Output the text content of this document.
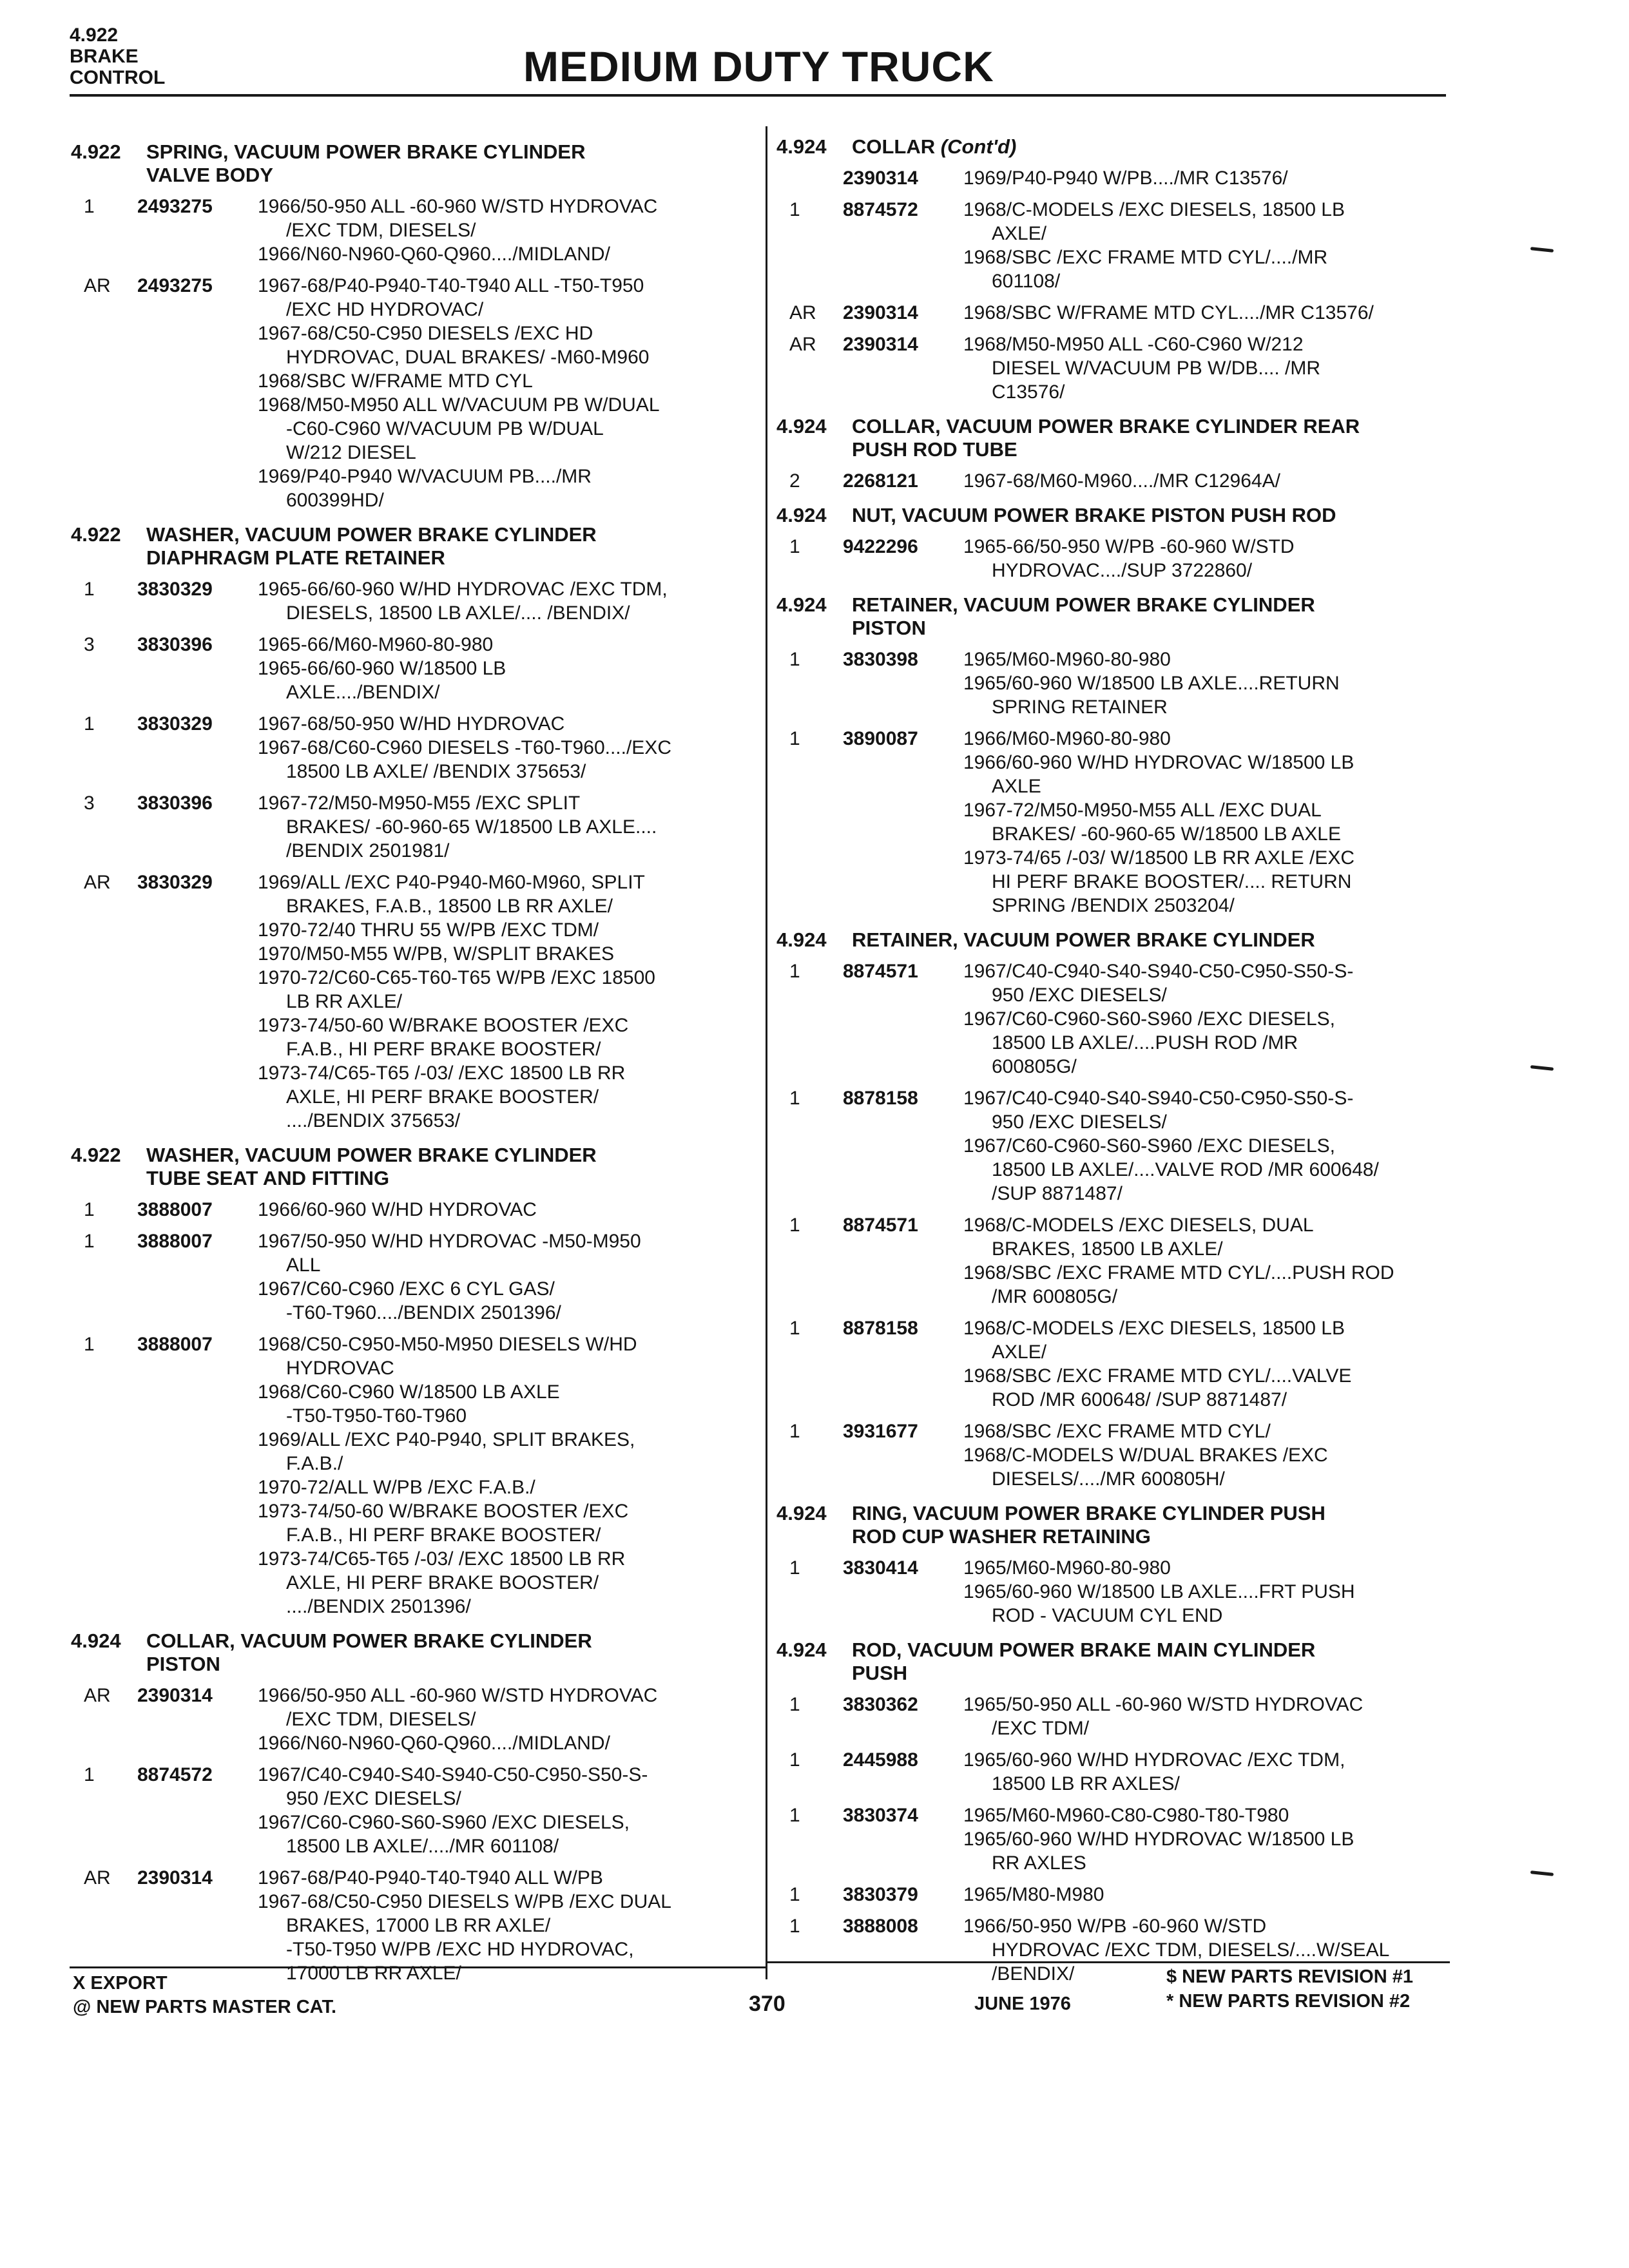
4.922
BRAKE
CONTROL	MEDIUM DUTY TRUCK
4.922 SPRING, VACUUM POWER BRAKE CYLINDER
VALVE BODY
1	2493275 1966/50-950 ALL -60-960 W/STD HYDROVAC
/EXC TDM, DIESELS/
1966/N60-N960-Q60-Q960..../MIDLAND/
AR	2493275 1967-68/P40-P940-T40-T940 ALL -T50-T950
/EXC HD HYDROVAC/
1967-68/C50-C950 DIESELS /EXC HD
HYDROVAC, DUAL BRAKES/ -M60-M960
1968/SBC W/FRAME MTD CYL
1968/M50-M950 ALL W/VACUUM PB W/DUAL
-C60-C960 W/VACUUM PB W/DUAL
W/212 DIESEL
1969/P40-P940 W/VACUUM PB..../MR
600399HD/
4.922 WASHER, VACUUM POWER BRAKE CYLINDER
DIAPHRAGM PLATE RETAINER
1	3830329 1965-66/60-960 W/HD HYDROVAC /EXC TDM,
DIESELS, 18500 LB AXLE/.... /BENDIX/
3	3830396 1965-66/M60-M960-80-980
1965-66/60-960 W/18500 LB
AXLE..../BENDIX/
1	3830329 1967-68/50-950 W/HD HYDROVAC
1967-68/C60-C960 DIESELS -T60-T960..../EXC
18500 LB AXLE/ /BENDIX 375653/
3	3830396 1967-72/M50-M950-M55 /EXC SPLIT
BRAKES/ -60-960-65 W/18500 LB AXLE....
/BENDIX 2501981/
AR	3830329 1969/ALL /EXC P40-P940-M60-M960, SPLIT
BRAKES, F.A.B., 18500 LB RR AXLE/
1970-72/40 THRU 55 W/PB /EXC TDM/
1970/M50-M55 W/PB, W/SPLIT BRAKES
1970-72/C60-C65-T60-T65 W/PB /EXC 18500
LB RR AXLE/
1973-74/50-60 W/BRAKE BOOSTER /EXC
F.A.B., HI PERF BRAKE BOOSTER/
1973-74/C65-T65 /-03/ /EXC 18500 LB RR
AXLE, HI PERF BRAKE BOOSTER/
..../BENDIX 375653/
4.922 WASHER, VACUUM POWER BRAKE CYLINDER
TUBE SEAT AND FITTING
1	3888007 1966/60-960 W/HD HYDROVAC
1	3888007 1967/50-950 W/HD HYDROVAC -M50-M950
ALL
1967/C60-C960 /EXC 6 CYL GAS/
-T60-T960..../BENDIX 2501396/
1	3888007 1968/C50-C950-M50-M950 DIESELS W/HD
HYDROVAC
1968/C60-C960 W/18500 LB AXLE
-T50-T950-T60-T960
1969/ALL /EXC P40-P940, SPLIT BRAKES,
F.A.B./
1970-72/ALL W/PB /EXC F.A.B./
1973-74/50-60 W/BRAKE BOOSTER /EXC
F.A.B., HI PERF BRAKE BOOSTER/
1973-74/C65-T65 /-03/ /EXC 18500 LB RR
AXLE, HI PERF BRAKE BOOSTER/
..../BENDIX 2501396/
4.924 COLLAR, VACUUM POWER BRAKE CYLINDER
PISTON
AR	2390314 1966/50-950 ALL -60-960 W/STD HYDROVAC
/EXC TDM, DIESELS/
1966/N60-N960-Q60-Q960..../MIDLAND/
1	8874572 1967/C40-C940-S40-S940-C50-C950-S50-S-
950 /EXC DIESELS/
1967/C60-C960-S60-S960 /EXC DIESELS,
18500 LB AXLE/..../MR 601108/
AR	2390314 1967-68/P40-P940-T40-T940 ALL W/PB
1967-68/C50-C950 DIESELS W/PB /EXC DUAL
BRAKES, 17000 LB RR AXLE/
-T50-T950 W/PB /EXC HD HYDROVAC,
17000 LB RR AXLE/
4.924 COLLAR (Cont'd)
2390314 1969/P40-P940 W/PB..../MR C13576/
1	8874572 1968/C-MODELS /EXC DIESELS, 18500 LB
AXLE/
1968/SBC /EXC FRAME MTD CYL/..../MR
601108/
AR	2390314 1968/SBC W/FRAME MTD CYL..../MR C13576/
AR	2390314 1968/M50-M950 ALL -C60-C960 W/212
DIESEL W/VACUUM PB W/DB.... /MR
C13576/
4.924 COLLAR, VACUUM POWER BRAKE CYLINDER REAR
PUSH ROD TUBE
2	2268121 1967-68/M60-M960..../MR C12964A/
4.924 NUT, VACUUM POWER BRAKE PISTON PUSH ROD
1	9422296 1965-66/50-950 W/PB -60-960 W/STD
HYDROVAC..../SUP 3722860/
4.924 RETAINER, VACUUM POWER BRAKE CYLINDER
PISTON
1	3830398 1965/M60-M960-80-980
1965/60-960 W/18500 LB AXLE....RETURN
SPRING RETAINER
1	3890087 1966/M60-M960-80-980
1966/60-960 W/HD HYDROVAC W/18500 LB
AXLE
1967-72/M50-M950-M55 ALL /EXC DUAL
BRAKES/ -60-960-65 W/18500 LB AXLE
1973-74/65 /-03/ W/18500 LB RR AXLE /EXC
HI PERF BRAKE BOOSTER/.... RETURN
SPRING /BENDIX 2503204/
4.924 RETAINER, VACUUM POWER BRAKE CYLINDER
1	8874571 1967/C40-C940-S40-S940-C50-C950-S50-S-
950 /EXC DIESELS/
1967/C60-C960-S60-S960 /EXC DIESELS,
18500 LB AXLE/....PUSH ROD /MR
600805G/
1	8878158 1967/C40-C940-S40-S940-C50-C950-S50-S-
950 /EXC DIESELS/
1967/C60-C960-S60-S960 /EXC DIESELS,
18500 LB AXLE/....VALVE ROD /MR 600648/
/SUP 8871487/
1	8874571 1968/C-MODELS /EXC DIESELS, DUAL
BRAKES, 18500 LB AXLE/
1968/SBC /EXC FRAME MTD CYL/....PUSH ROD
/MR 600805G/
1	8878158 1968/C-MODELS /EXC DIESELS, 18500 LB
AXLE/
1968/SBC /EXC FRAME MTD CYL/....VALVE
ROD /MR 600648/ /SUP 8871487/
1	3931677 1968/SBC /EXC FRAME MTD CYL/
1968/C-MODELS W/DUAL BRAKES /EXC
DIESELS/..../MR 600805H/
4.924 RING, VACUUM POWER BRAKE CYLINDER PUSH
ROD CUP WASHER RETAINING
1	3830414 1965/M60-M960-80-980
1965/60-960 W/18500 LB AXLE....FRT PUSH
ROD - VACUUM CYL END
4.924 ROD, VACUUM POWER BRAKE MAIN CYLINDER
PUSH
1	3830362 1965/50-950 ALL -60-960 W/STD HYDROVAC
/EXC TDM/
1	2445988 1965/60-960 W/HD HYDROVAC /EXC TDM,
18500 LB RR AXLES/
1	3830374 1965/M60-M960-C80-C980-T80-T980
1965/60-960 W/HD HYDROVAC W/18500 LB
RR AXLES
1	3830379 1965/M80-M980
1	3888008 1966/50-950 W/PB -60-960 W/STD
HYDROVAC /EXC TDM, DIESELS/....W/SEAL
/BENDIX/
X EXPORT
@ NEW PARTS MASTER CAT.	370	JUNE 1976
$ NEW PARTS REVISION #1
* NEW PARTS REVISION #2
